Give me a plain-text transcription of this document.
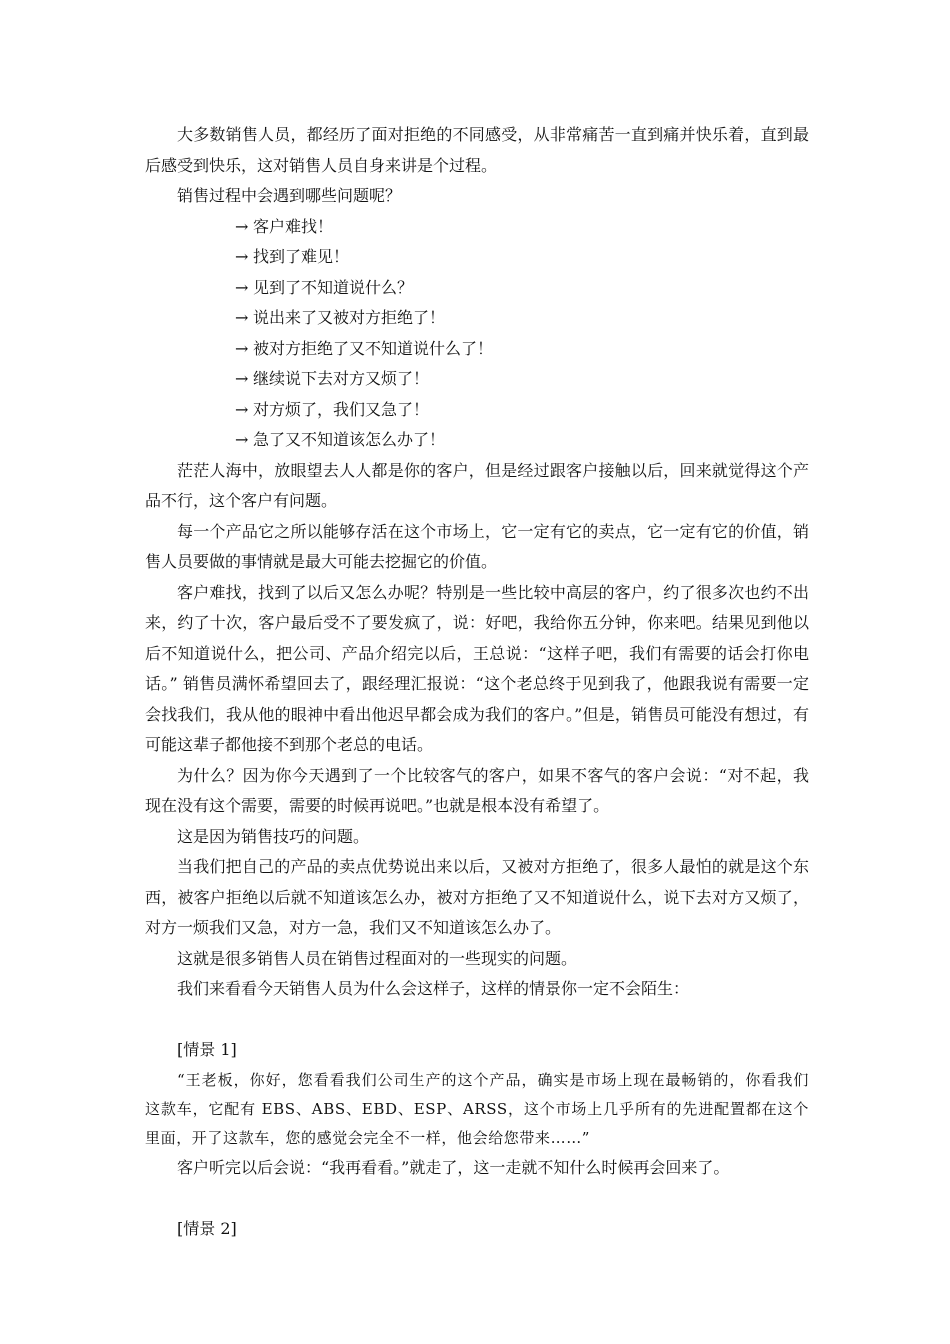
大多数销售人员，都经历了面对拒绝的不同感受，从非常痛苦一直到痛并快乐着，直到最后感受到快乐，这对销售人员自身来讲是个过程。

销售过程中会遇到哪些问题呢？

→ 客户难找！

→ 找到了难见！

→ 见到了不知道说什么？

→ 说出来了又被对方拒绝了！

→ 被对方拒绝了又不知道说什么了！

→ 继续说下去对方又烦了！

→ 对方烦了，我们又急了！

→ 急了又不知道该怎么办了！

茫茫人海中，放眼望去人人都是你的客户，但是经过跟客户接触以后，回来就觉得这个产品不行，这个客户有问题。

每一个产品它之所以能够存活在这个市场上，它一定有它的卖点，它一定有它的价值，销售人员要做的事情就是最大可能去挖掘它的价值。

客户难找，找到了以后又怎么办呢？特别是一些比较中高层的客户，约了很多次也约不出来，约了十次，客户最后受不了要发疯了，说：好吧，我给你五分钟，你来吧。结果见到他以后不知道说什么，把公司、产品介绍完以后，王总说：“这样子吧，我们有需要的话会打你电话。” 销售员满怀希望回去了，跟经理汇报说：“这个老总终于见到我了，他跟我说有需要一定会找我们，我从他的眼神中看出他迟早都会成为我们的客户。”但是，销售员可能没有想过，有可能这辈子都他接不到那个老总的电话。

为什么？因为你今天遇到了一个比较客气的客户，如果不客气的客户会说：“对不起，我现在没有这个需要，需要的时候再说吧。”也就是根本没有希望了。

这是因为销售技巧的问题。

当我们把自己的产品的卖点优势说出来以后，又被对方拒绝了，很多人最怕的就是这个东西，被客户拒绝以后就不知道该怎么办，被对方拒绝了又不知道说什么，说下去对方又烦了，对方一烦我们又急，对方一急，我们又不知道该怎么办了。

这就是很多销售人员在销售过程面对的一些现实的问题。

我们来看看今天销售人员为什么会这样子，这样的情景你一定不会陌生：

[情景 1]

“王老板，你好，您看看我们公司生产的这个产品，确实是市场上现在最畅销的，你看我们这款车，它配有 EBS、ABS、EBD、ESP、ARSS，这个市场上几乎所有的先进配置都在这个里面，开了这款车，您的感觉会完全不一样，他会给您带来……”

客户听完以后会说：“我再看看。”就走了，这一走就不知什么时候再会回来了。

[情景 2]
